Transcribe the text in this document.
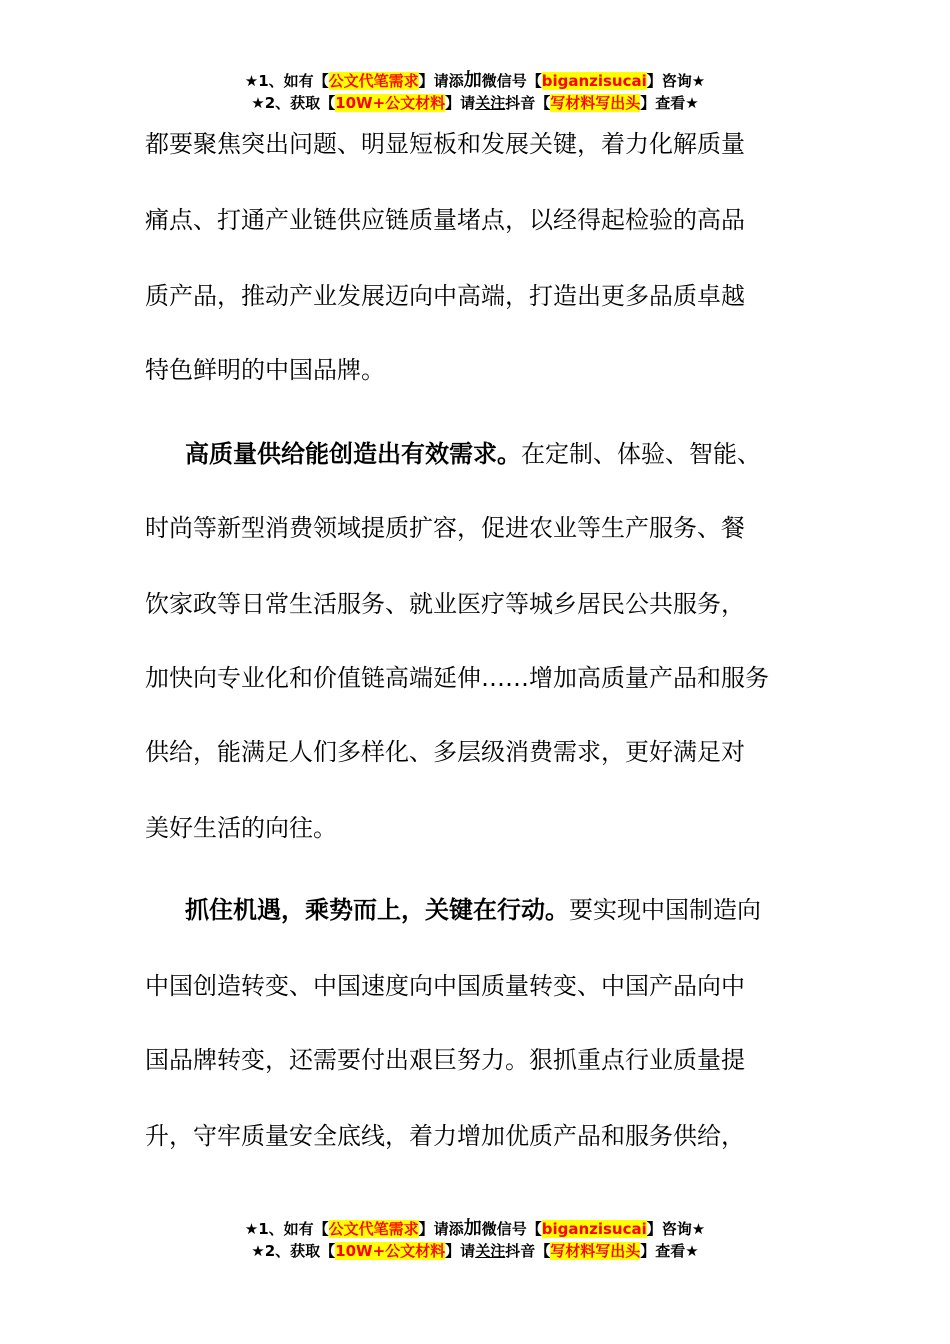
★1、如有【公文代笔需求】请添加微信号【biganzisucai】咨询★
★2、获取【10W+公文材料】请关注抖音【写材料写出头】查看★
都要聚焦突出问题、明显短板和发展关键，着力化解质量
痛点、打通产业链供应链质量堵点，以经得起检验的高品
质产品，推动产业发展迈向中高端，打造出更多品质卓越
特色鲜明的中国品牌。
高质量供给能创造出有效需求。在定制、体验、智能、
时尚等新型消费领域提质扩容，促进农业等生产服务、餐
饮家政等日常生活服务、就业医疗等城乡居民公共服务，
加快向专业化和价值链高端延伸……增加高质量产品和服务
供给，能满足人们多样化、多层级消费需求，更好满足对
美好生活的向往。
抓住机遇，乘势而上，关键在行动。要实现中国制造向
中国创造转变、中国速度向中国质量转变、中国产品向中
国品牌转变，还需要付出艰巨努力。狠抓重点行业质量提
升，守牢质量安全底线，着力增加优质产品和服务供给，
★1、如有【公文代笔需求】请添加微信号【biganzisucai】咨询★
★2、获取【10W+公文材料】请关注抖音【写材料写出头】查看★
